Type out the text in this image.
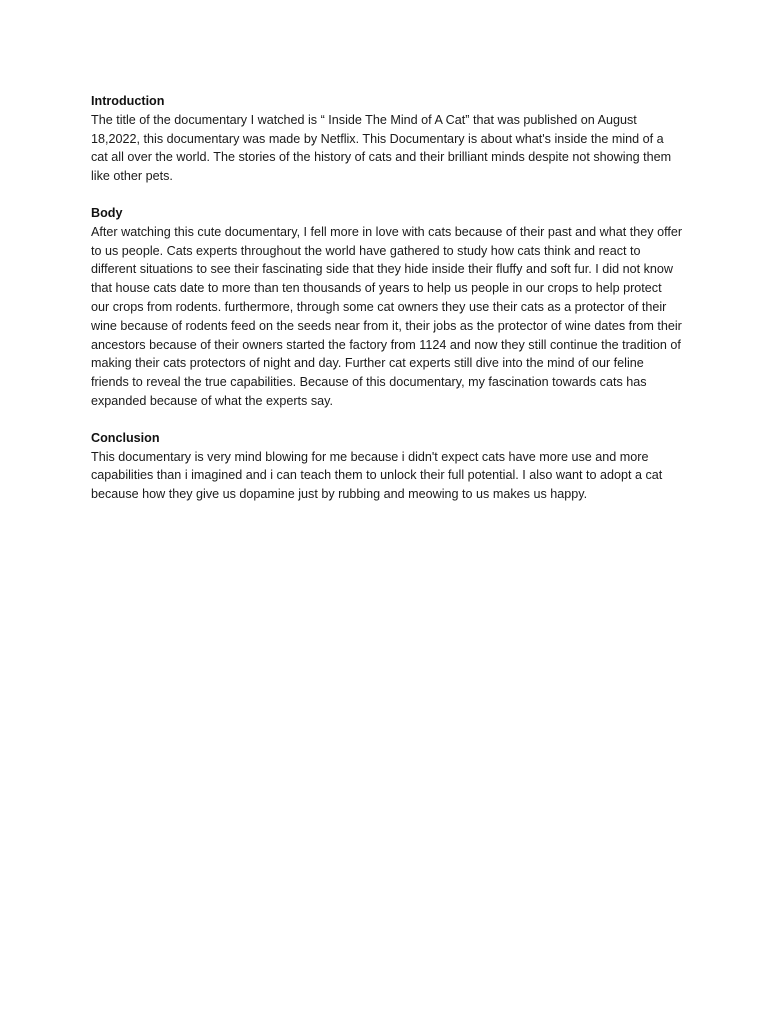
Introduction

The title of the documentary I watched is “ Inside The Mind of A Cat” that was published on August 18,2022, this documentary was made by Netflix. This Documentary is about what's inside the mind of a cat all over the world. The stories of the history of cats and their brilliant minds despite not showing them like other pets.

Body

After watching this cute documentary, I fell more in love with cats because of their past and what they offer to us people. Cats experts throughout the world have gathered to study how cats think and react to different situations to see their fascinating side that they hide inside their fluffy and soft fur. I did not know that house cats date to more than ten thousands of years to help us people in our crops to help protect our crops from rodents. furthermore, through some cat owners they use their cats as a protector of their wine because of rodents feed on the seeds near from it, their jobs as the protector of wine dates from their ancestors because of their owners started the factory from 1124 and now they still continue the tradition of making their cats protectors of night and day. Further cat experts still dive into the mind of our feline friends to reveal the true capabilities. Because of this documentary, my fascination towards cats has expanded because of what the experts say.

Conclusion

This documentary is very mind blowing for me because i didn't expect cats have more use and more capabilities than i imagined and i can teach them to unlock their full potential. I also want to adopt a cat because how they give us dopamine just by rubbing and meowing to us makes us happy.
